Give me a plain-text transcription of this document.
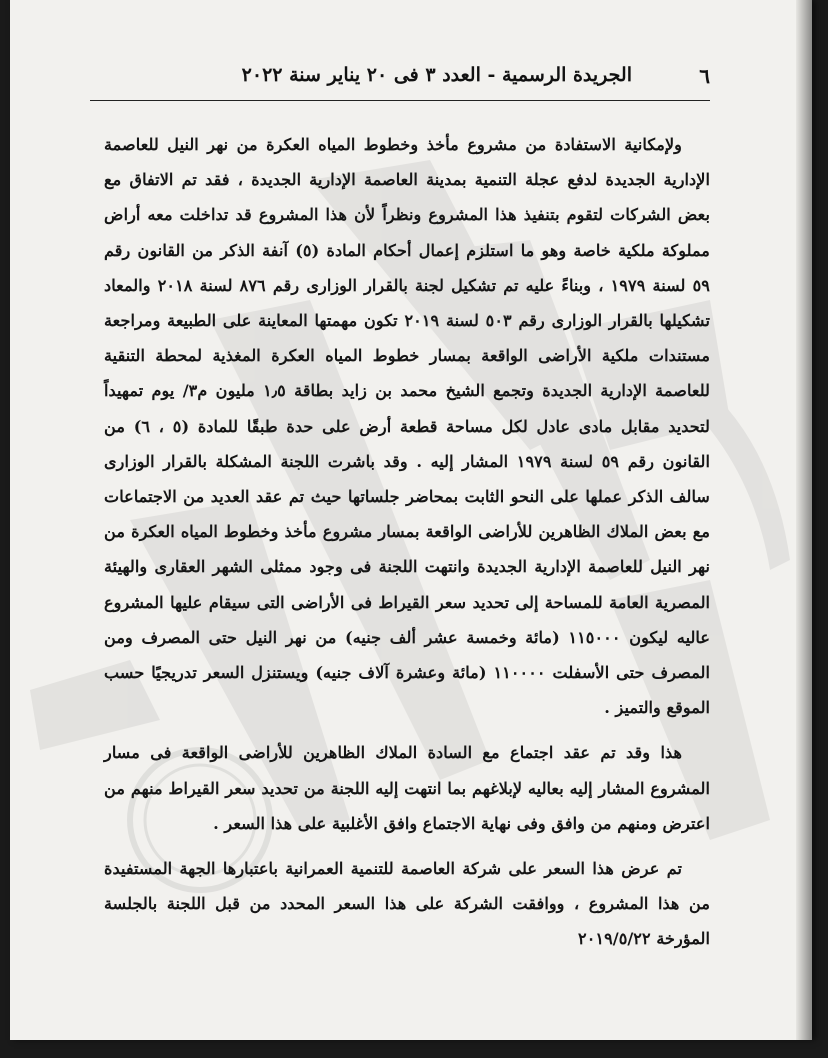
٦
الجريدة الرسمية - العدد ٣ فى ٢٠ يناير سنة ٢٠٢٢

ولإمكانية الاستفادة من مشروع مأخذ وخطوط المياه العكرة من نهر النيل للعاصمة الإدارية الجديدة لدفع عجلة التنمية بمدينة العاصمة الإدارية الجديدة ، فقد تم الاتفاق مع بعض الشركات لتقوم بتنفيذ هذا المشروع ونظراً لأن هذا المشروع قد تداخلت معه أراض مملوكة ملكية خاصة وهو ما استلزم إعمال أحكام المادة (٥) آنفة الذكر من القانون رقم ٥٩ لسنة ١٩٧٩ ، وبناءً عليه تم تشكيل لجنة بالقرار الوزارى رقم ٨٧٦ لسنة ٢٠١٨ والمعاد تشكيلها بالقرار الوزارى رقم ٥٠٣ لسنة ٢٠١٩ تكون مهمتها المعاينة على الطبيعة ومراجعة مستندات ملكية الأراضى الواقعة بمسار خطوط المياه العكرة المغذية لمحطة التنقية للعاصمة الإدارية الجديدة وتجمع الشيخ محمد بن زايد بطاقة ١٫٥ مليون م٣/ يوم تمهيداً لتحديد مقابل مادى عادل لكل مساحة قطعة أرض على حدة طبقًا للمادة (٥ ، ٦) من القانون رقم ٥٩ لسنة ١٩٧٩ المشار إليه . وقد باشرت اللجنة المشكلة بالقرار الوزارى سالف الذكر عملها على النحو الثابت بمحاضر جلساتها حيث تم عقد العديد من الاجتماعات مع بعض الملاك الظاهرين للأراضى الواقعة بمسار مشروع مأخذ وخطوط المياه العكرة من نهر النيل للعاصمة الإدارية الجديدة وانتهت اللجنة فى وجود ممثلى الشهر العقارى والهيئة المصرية العامة للمساحة إلى تحديد سعر القيراط فى الأراضى التى سيقام عليها المشروع عاليه ليكون ١١٥٠٠٠ (مائة وخمسة عشر ألف جنيه) من نهر النيل حتى المصرف ومن المصرف حتى الأسفلت ١١٠٠٠٠ (مائة وعشرة آلاف جنيه) ويستنزل السعر تدريجيًا حسب الموقع والتميز .

هذا وقد تم عقد اجتماع مع السادة الملاك الظاهرين للأراضى الواقعة فى مسار المشروع المشار إليه بعاليه لإبلاغهم بما انتهت إليه اللجنة من تحديد سعر القيراط منهم من اعترض ومنهم من وافق وفى نهاية الاجتماع وافق الأغلبية على هذا السعر .

تم عرض هذا السعر على شركة العاصمة للتنمية العمرانية باعتبارها الجهة المستفيدة من هذا المشروع ، ووافقت الشركة على هذا السعر المحدد من قبل اللجنة بالجلسة المؤرخة ٢٠١٩/٥/٢٢
